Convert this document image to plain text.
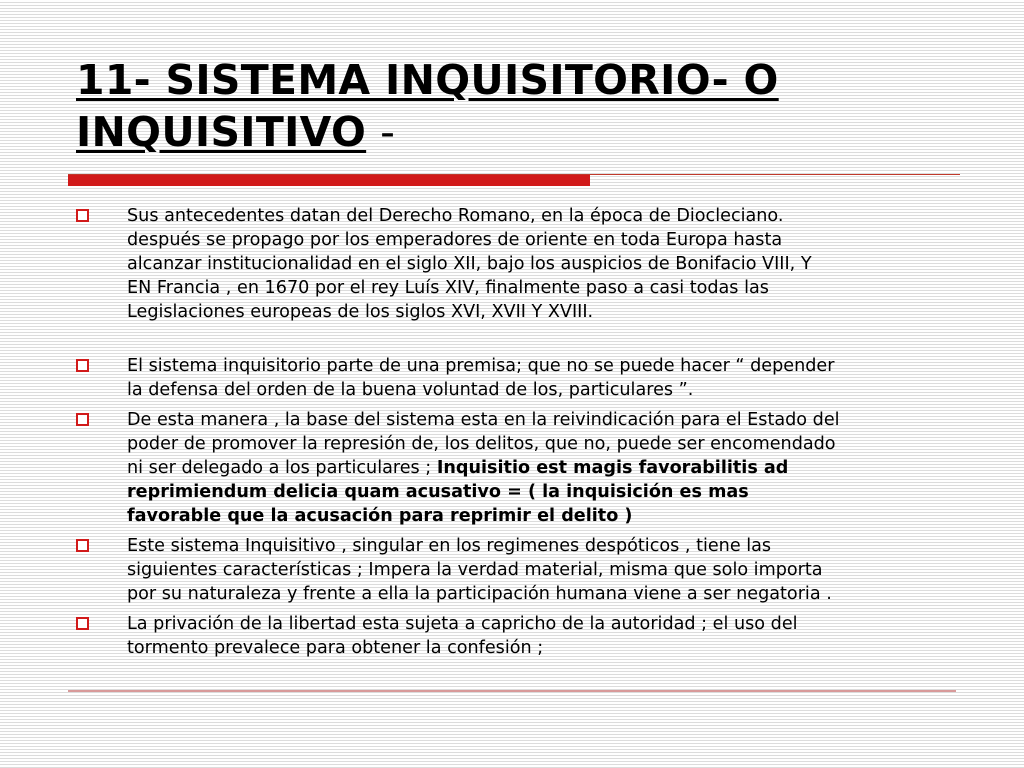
11- SISTEMA INQUISITORIO- O INQUISITIVO -
Sus antecedentes datan del Derecho Romano, en la época de Diocleciano.
después se propago por los emperadores de oriente en toda Europa hasta
alcanzar institucionalidad en el siglo XII, bajo los auspicios de Bonifacio VIII, Y
EN Francia , en 1670 por el rey Luís XIV, finalmente paso a casi todas las
Legislaciones europeas de los siglos XVI, XVII Y XVIII.
El sistema inquisitorio parte de una premisa; que no se puede hacer “ depender
la defensa del orden de la buena voluntad de los, particulares ”.
De esta manera , la base del sistema esta en la reivindicación para el Estado del
poder de promover la represión de, los delitos, que no, puede ser encomendado
ni ser delegado a los particulares ; Inquisitio est magis favorabilitis ad
reprimiendum delicia quam acusativo = ( la inquisición es mas
favorable que la acusación para reprimir el delito )
Este sistema Inquisitivo , singular en los regimenes despóticos , tiene las
siguientes características ; Impera la verdad material, misma que solo importa
por su naturaleza y frente a ella la participación humana viene a ser negatoria .
La privación de la libertad esta sujeta a capricho de la autoridad ; el uso del
tormento prevalece para obtener la confesión ;
